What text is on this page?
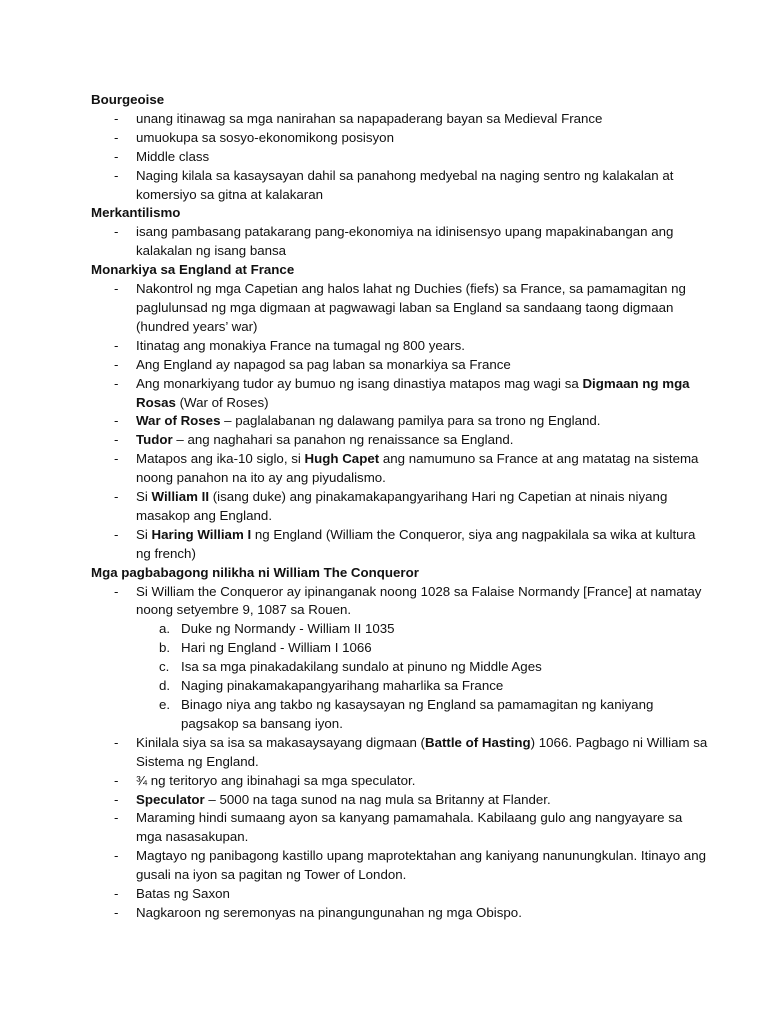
Bourgeoise
- unang itinawag sa mga nanirahan sa napapaderang bayan sa Medieval France
- umuokupa sa sosyo-ekonomikong posisyon
- Middle class
- Naging kilala sa kasaysayan dahil sa panahong medyebal na naging sentro ng kalakalan at komersiyo sa gitna at kalakaran
Merkantilismo
- isang pambasang patakarang pang-ekonomiya na idinisensyo upang mapakinabangan ang kalakalan ng isang bansa
Monarkiya sa England at France
- Nakontrol ng mga Capetian ang halos lahat ng Duchies (fiefs) sa France, sa pamamagitan ng paglulunsad ng mga digmaan at pagwawagi laban sa England sa sandaang taong digmaan (hundred years’ war)
- Itinatag ang monakiya France na tumagal ng 800 years.
- Ang England ay napagod sa pag laban sa monarkiya sa France
- Ang monarkiyang tudor ay bumuo ng isang dinastiya matapos mag wagi sa Digmaan ng mga Rosas (War of Roses)
- War of Roses – paglalabanan ng dalawang pamilya para sa trono ng England.
- Tudor – ang naghahari sa panahon ng renaissance sa England.
- Matapos ang ika-10 siglo, si Hugh Capet ang namumuno sa France at ang matatag na sistema noong panahon na ito ay ang piyudalismo.
- Si William II (isang duke) ang pinakamakapangyarihang Hari ng Capetian at ninais niyang masakop ang England.
- Si Haring William I ng England (William the Conqueror, siya ang nagpakilala sa wika at kultura ng french)
Mga pagbabagong nilikha ni William The Conqueror
- Si William the Conqueror ay ipinanganak noong 1028 sa Falaise Normandy [France] at namatay noong setyembre 9, 1087 sa Rouen.
a. Duke ng Normandy - William II 1035
b. Hari ng England - William I 1066
c. Isa sa mga pinakadakilang sundalo at pinuno ng Middle Ages
d. Naging pinakamakapangyarihang maharlika sa France
e. Binago niya ang takbo ng kasaysayan ng England sa pamamagitan ng kaniyang pagsakop sa bansang iyon.
- Kinilala siya sa isa sa makasaysayang digmaan (Battle of Hasting) 1066. Pagbago ni William sa Sistema ng England.
- ¾ ng teritoryo ang ibinahagi sa mga speculator.
- Speculator – 5000 na taga sunod na nag mula sa Britanny at Flander.
- Maraming hindi sumaang ayon sa kanyang pamamahala. Kabilaang gulo ang nangyayare sa mga nasasakupan.
- Magtayo ng panibagong kastillo upang maprotektahan ang kaniyang nanunungkulan. Itinayo ang gusali na iyon sa pagitan ng Tower of London.
- Batas ng Saxon
- Nagkaroon ng seremonyas na pinangungunahan ng mga Obispo.
